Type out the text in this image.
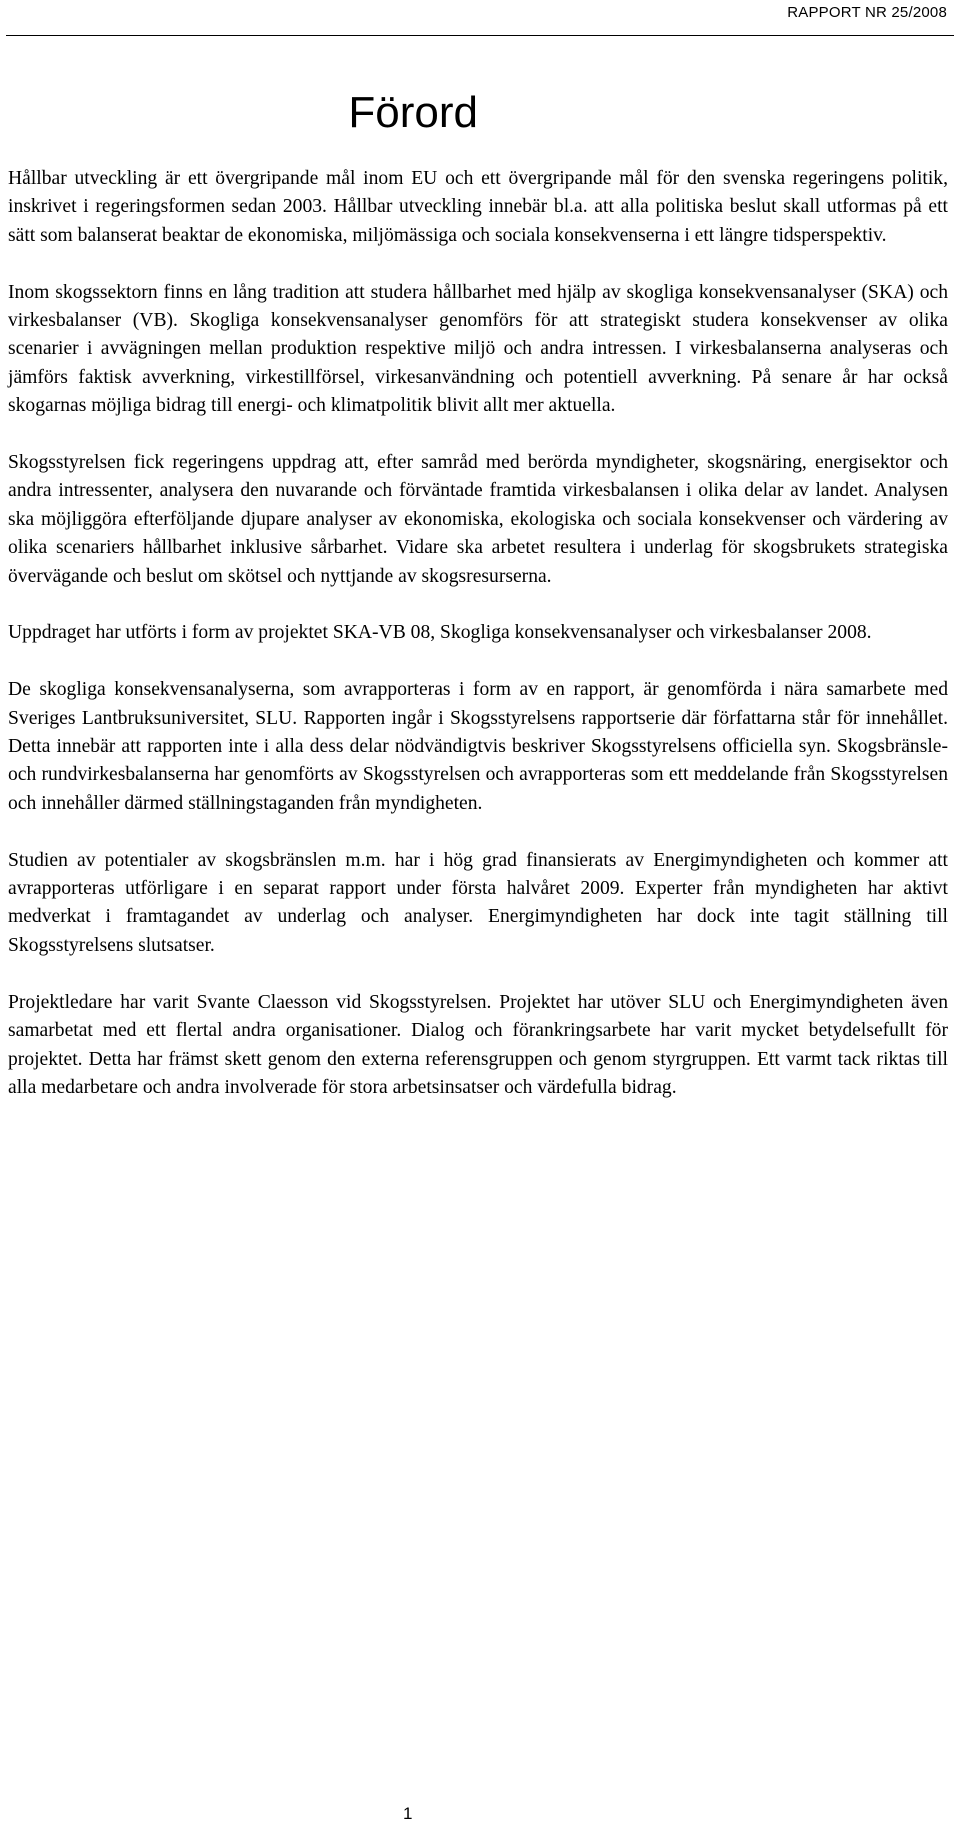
RAPPORT NR 25/2008
Förord

Hållbar utveckling är ett övergripande mål inom EU och ett övergripande mål för den svenska regeringens politik, inskrivet i regeringsformen sedan 2003. Hållbar utveckling innebär bl.a. att alla politiska beslut skall utformas på ett sätt som balanserat beaktar de ekonomiska, miljömässiga och sociala konsekvenserna i ett längre tidsperspektiv.

Inom skogssektorn finns en lång tradition att studera hållbarhet med hjälp av skogliga konsekvensanalyser (SKA) och virkesbalanser (VB). Skogliga konsekvensanalyser genomförs för att strategiskt studera konsekvenser av olika scenarier i avvägningen mellan produktion respektive miljö och andra intressen. I virkesbalanserna analyseras och jämförs faktisk avverkning, virkestillförsel, virkesanvändning och potentiell avverkning. På senare år har också skogarnas möjliga bidrag till energi- och klimatpolitik blivit allt mer aktuella.

Skogsstyrelsen fick regeringens uppdrag att, efter samråd med berörda myndigheter, skogsnäring, energisektor och andra intressenter, analysera den nuvarande och förväntade framtida virkesbalansen i olika delar av landet. Analysen ska möjliggöra efterföljande djupare analyser av ekonomiska, ekologiska och sociala konsekvenser och värdering av olika scenariers hållbarhet inklusive sårbarhet. Vidare ska arbetet resultera i underlag för skogsbrukets strategiska övervägande och beslut om skötsel och nyttjande av skogsresurserna.

Uppdraget har utförts i form av projektet SKA-VB 08, Skogliga konsekvensanalyser och virkesbalanser 2008.

De skogliga konsekvensanalyserna, som avrapporteras i form av en rapport, är genomförda i nära samarbete med Sveriges Lantbruksuniversitet, SLU. Rapporten ingår i Skogsstyrelsens rapportserie där författarna står för innehållet. Detta innebär att rapporten inte i alla dess delar nödvändigtvis beskriver Skogsstyrelsens officiella syn. Skogsbränsle- och rundvirkesbalanserna har genomförts av Skogsstyrelsen och avrapporteras som ett meddelande från Skogsstyrelsen och innehåller därmed ställningstaganden från myndigheten.

Studien av potentialer av skogsbränslen m.m. har i hög grad finansierats av Energimyndigheten och kommer att avrapporteras utförligare i en separat rapport under första halvåret 2009. Experter från myndigheten har aktivt medverkat i framtagandet av underlag och analyser. Energimyndigheten har dock inte tagit ställning till Skogsstyrelsens slutsatser.

Projektledare har varit Svante Claesson vid Skogsstyrelsen. Projektet har utöver SLU och Energimyndigheten även samarbetat med ett flertal andra organisationer. Dialog och förankringsarbete har varit mycket betydelsefullt för projektet. Detta har främst skett genom den externa referensgruppen och genom styrgruppen. Ett varmt tack riktas till alla medarbetare och andra involverade för stora arbetsinsatser och värdefulla bidrag.

1
